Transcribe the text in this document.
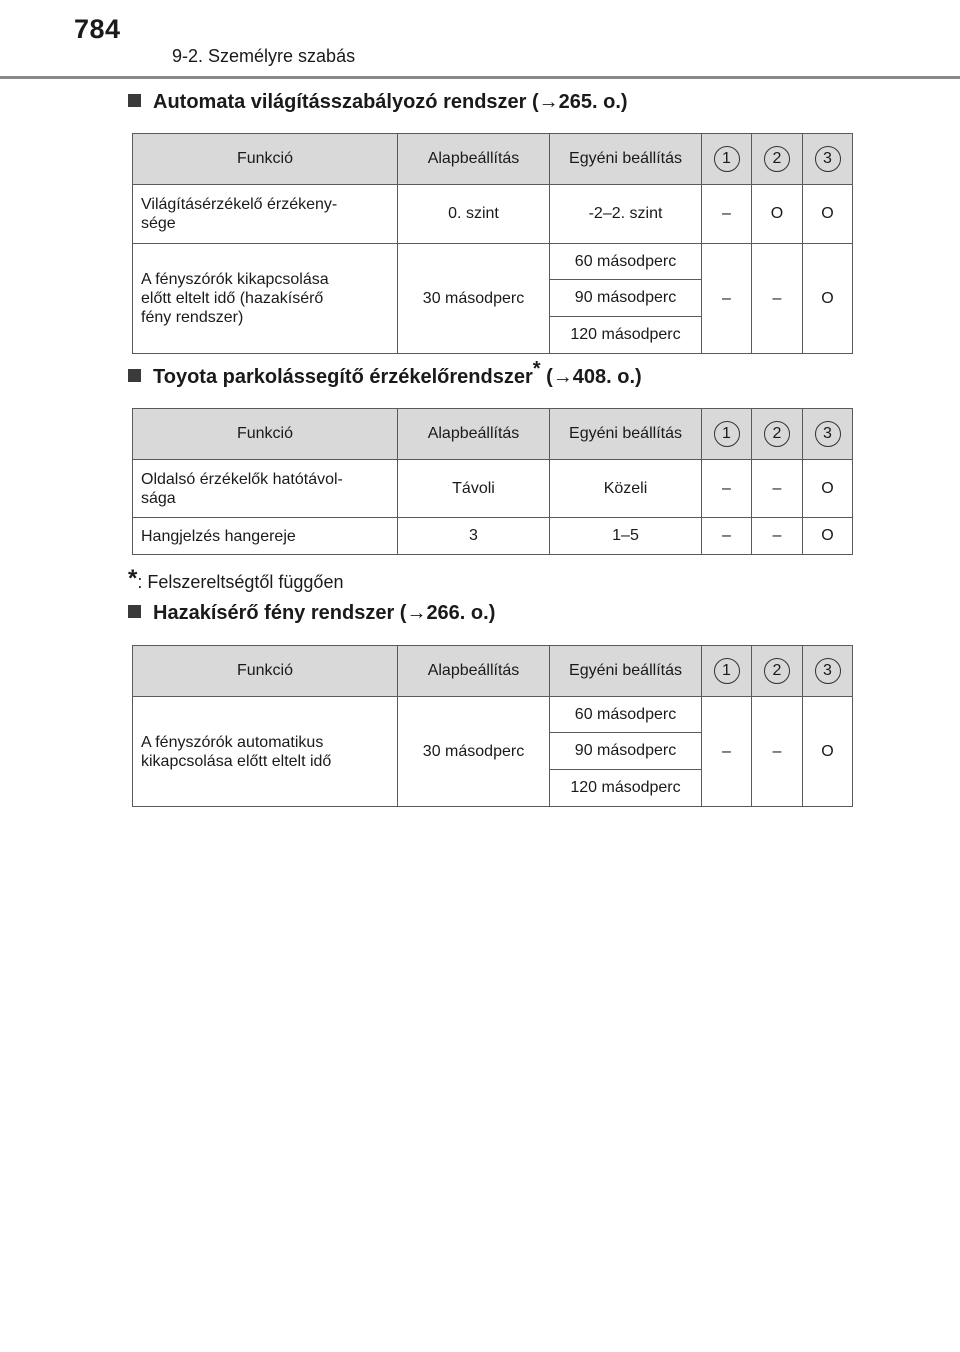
784
9-2. Személyre szabás
Automata világításszabályozó rendszer (→265. o.)
Funkció	Alapbeállítás	Egyéni beállítás	1	2	3
Világításérzékelő érzékeny-
sége	0. szint	-2–2. szint	–	O	O
A fényszórók kikapcsolása
előtt eltelt idő (hazakísérő
fény rendszer)	30 másodperc	60 másodperc	–	–	O
		90 másodperc			
		120 másodperc			
Toyota parkolássegítő érzékelőrendszer* (→408. o.)
Funkció	Alapbeállítás	Egyéni beállítás	1	2	3
Oldalsó érzékelők hatótávol-
sága	Távoli	Közeli	–	–	O
Hangjelzés hangereje	3	1–5	–	–	O
*: Felszereltségtől függően
Hazakísérő fény rendszer (→266. o.)
Funkció	Alapbeállítás	Egyéni beállítás	1	2	3
A fényszórók automatikus
kikapcsolása előtt eltelt idő	30 másodperc	60 másodperc	–	–	O
		90 másodperc			
		120 másodperc			
